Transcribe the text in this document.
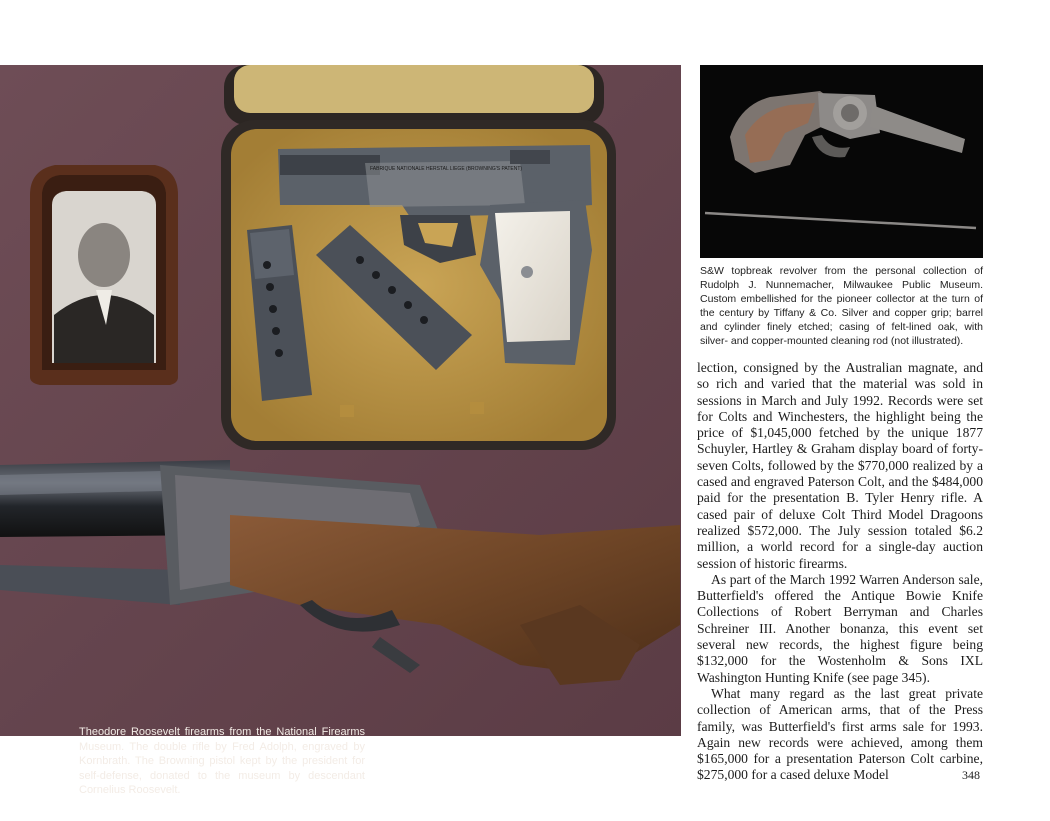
FABRIQUE NATIONALE HERSTAL LIEGE (BROWNING'S PATENT)
Theodore Roosevelt firearms from the National Firearms Museum. The double rifle by Fred Adolph, engraved by Kornbrath. The Browning pistol kept by the president for self-defense, donated to the museum by descendant Cornelius Roosevelt.
S&W topbreak revolver from the personal collection of Rudolph J. Nunnemacher, Milwaukee Public Museum. Custom embellished for the pioneer collector at the turn of the century by Tiffany & Co. Silver and copper grip; barrel and cylinder finely etched; casing of felt-lined oak, with silver- and copper-mounted cleaning rod (not illustrated).

lection, consigned by the Australian magnate, and so rich and varied that the material was sold in sessions in March and July 1992. Records were set for Colts and Winchesters, the highlight being the price of $1,045,000 fetched by the unique 1877 Schuyler, Hartley & Graham display board of forty-seven Colts, followed by the $770,000 realized by a cased and engraved Paterson Colt, and the $484,000 paid for the presentation B. Tyler Henry rifle. A cased pair of deluxe Colt Third Model Dragoons realized $572,000. The July session totaled $6.2 million, a world record for a single-day auction session of historic firearms.

As part of the March 1992 Warren Anderson sale, Butterfield's offered the Antique Bowie Knife Collections of Robert Berryman and Charles Schreiner III. Another bonanza, this event set several new records, the highest figure being $132,000 for the Wostenholm & Sons IXL Washington Hunting Knife (see page 345).

What many regard as the last great private collection of American arms, that of the Press family, was Butterfield's first arms sale for 1993. Again new records were achieved, among them $165,000 for a presentation Paterson Colt carbine, $275,000 for a cased deluxe Model	348
